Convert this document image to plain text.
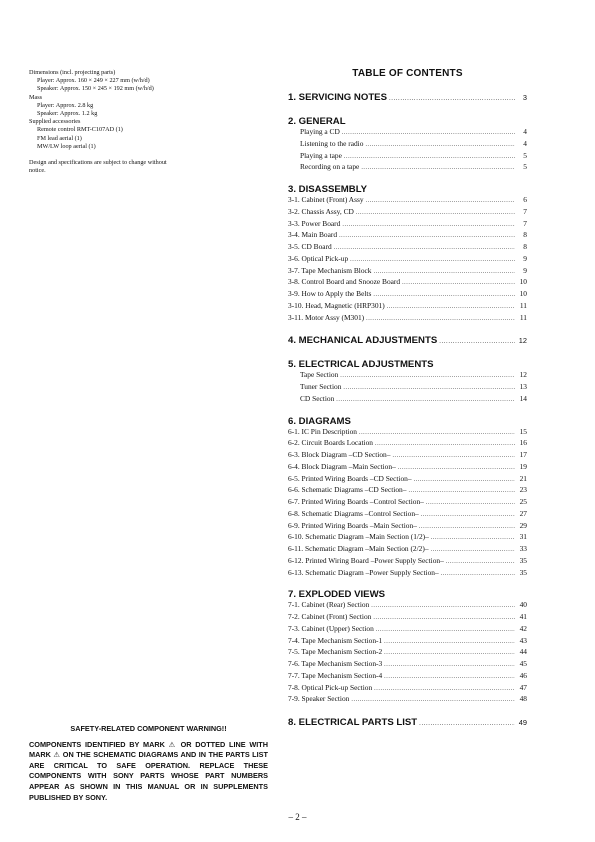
Dimensions (incl. projecting parts)
Player: Approx. 160 × 249 × 227 mm (w/h/d)
Speaker: Approx. 150 × 245 × 192 mm (w/h/d)
Mass
Player: Approx. 2.8 kg
Speaker: Approx. 1.2 kg
Supplied accessories
Remote control RMT-C107AD (1)
FM lead aerial (1)
MW/LW loop aerial (1)
Design and specifications are subject to change without
notice.
TABLE OF CONTENTS
1. SERVICING NOTES .....	3
2. GENERAL
Playing a CD .....	4
Listening to the radio .....	4
Playing a tape .....	5
Recording on a tape .....	5
3. DISASSEMBLY
3-1. Cabinet (Front) Assy .....	6
3-2. Chassis Assy, CD .....	7
3-3. Power Board .....	7
3-4. Main Board .....	8
3-5. CD Board .....	8
3-6. Optical Pick-up .....	9
3-7. Tape Mechanism Block .....	9
3-8. Control Board and Snooze Board .....	10
3-9. How to Apply the Belts .....	10
3-10. Head, Magnetic (HRP301) .....	11
3-11. Motor Assy (M301) .....	11
4. MECHANICAL ADJUSTMENTS .....	12
5. ELECTRICAL ADJUSTMENTS
Tape Section .....	12
Tuner Section .....	13
CD Section .....	14
6. DIAGRAMS
6-1. IC Pin Description .....	15
6-2. Circuit Boards Location .....	16
6-3. Block Diagram –CD Section– .....	17
6-4. Block Diagram –Main Section– .....	19
6-5. Printed Wiring Boards –CD Section– .....	21
6-6. Schematic Diagrams –CD Section– .....	23
6-7. Printed Wiring Boards –Control Section– .....	25
6-8. Schematic Diagrams –Control Section– .....	27
6-9. Printed Wiring Boards –Main Section– .....	29
6-10. Schematic Diagram –Main Section (1/2)– .....	31
6-11. Schematic Diagram –Main Section (2/2)– .....	33
6-12. Printed Wiring Board –Power Supply Section– .....	35
6-13. Schematic Diagram –Power Supply Section– .....	35
7. EXPLODED VIEWS
7-1. Cabinet (Rear) Section .....	40
7-2. Cabinet (Front) Section .....	41
7-3. Cabinet (Upper) Section .....	42
7-4. Tape Mechanism Section-1 .....	43
7-5. Tape Mechanism Section-2 .....	44
7-6. Tape Mechanism Section-3 .....	45
7-7. Tape Mechanism Section-4 .....	46
7-8. Optical Pick-up Section .....	47
7-9. Speaker Section .....	48
8. ELECTRICAL PARTS LIST .....	49
SAFETY-RELATED COMPONENT WARNING!!
COMPONENTS IDENTIFIED BY MARK ⚠ OR DOTTED LINE WITH MARK ⚠ ON THE SCHEMATIC DIAGRAMS AND IN THE PARTS LIST ARE CRITICAL TO SAFE OPERATION. REPLACE THESE COMPONENTS WITH SONY PARTS WHOSE PART NUMBERS APPEAR AS SHOWN IN THIS MANUAL OR IN SUPPLEMENTS PUBLISHED BY SONY.
– 2 –
